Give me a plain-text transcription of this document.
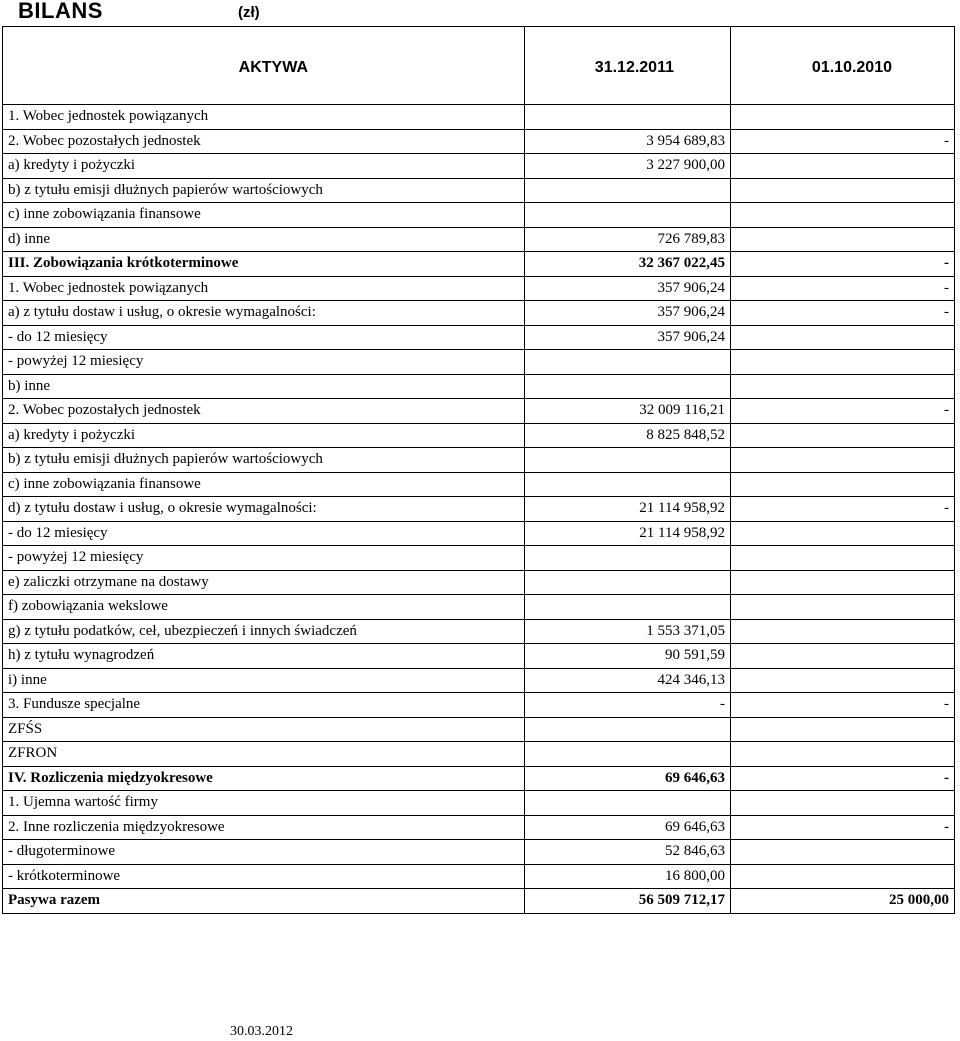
BILANS	(zł)
AKTYWA	31.12.2011	01.10.2010
1. Wobec jednostek powiązanych		
2. Wobec pozostałych jednostek	3 954 689,83	-
a) kredyty i pożyczki	3 227 900,00	
b) z tytułu emisji dłużnych papierów wartościowych		
c) inne zobowiązania finansowe		
d) inne	726 789,83	
III. Zobowiązania krótkoterminowe	32 367 022,45	-
1. Wobec jednostek powiązanych	357 906,24	-
a) z tytułu dostaw i usług, o okresie wymagalności:	357 906,24	-
- do 12 miesięcy	357 906,24	
- powyżej 12 miesięcy		
b) inne		
2. Wobec pozostałych jednostek	32 009 116,21	-
a) kredyty i pożyczki	8 825 848,52	
b) z tytułu emisji dłużnych papierów wartościowych		
c) inne zobowiązania finansowe		
d) z tytułu dostaw i usług, o okresie wymagalności:	21 114 958,92	-
- do 12 miesięcy	21 114 958,92	
- powyżej 12 miesięcy		
e) zaliczki otrzymane na dostawy		
f) zobowiązania wekslowe		
g) z tytułu podatków, ceł, ubezpieczeń i innych świadczeń	1 553 371,05	
h) z tytułu wynagrodzeń	90 591,59	
i) inne	424 346,13	
3. Fundusze specjalne	-	-
ZFŚS		
ZFRON		
IV. Rozliczenia międzyokresowe	69 646,63	-
1. Ujemna wartość firmy		
2. Inne rozliczenia międzyokresowe	69 646,63	-
- długoterminowe	52 846,63	
- krótkoterminowe	16 800,00	
Pasywa razem	56 509 712,17	25 000,00
30.03.2012
